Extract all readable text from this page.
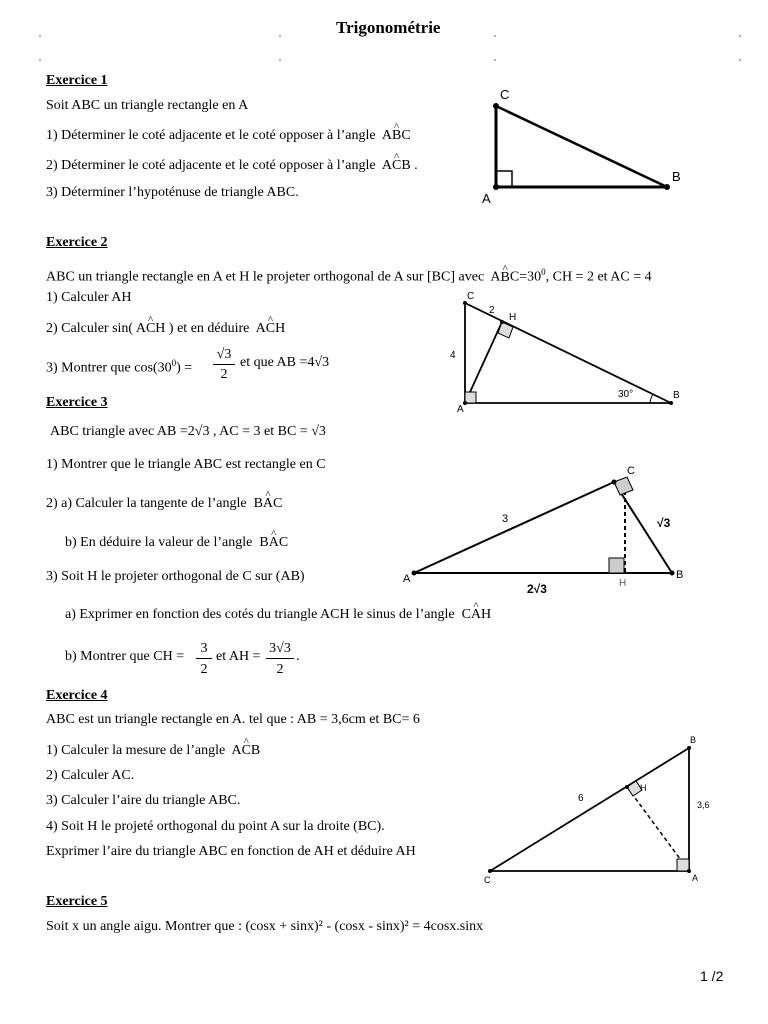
Trigonométrie
Exercice 1
Soit ABC un triangle rectangle en A
1) Déterminer le coté adjacente et le coté opposer à l’angle A^ BC
2) Déterminer le coté adjacente et le coté opposer à l’angle A^ CB .
3) Déterminer l’hypoténuse de triangle ABC.
C
A
B
Exercice 2
ABC un triangle rectangle en A et H le projeter orthogonal de A sur [BC] avec A^ $BC=30^0$, CH = 2 et AC = 4
1) Calculer AH
2) Calculer sin( A^ CH ) et en déduire A^ CH
3) Montrer que $\cos(30^0)$ =
√3
2
et que AB =4√3
C
H
2
4
A
B
30°
Exercice 3
ABC triangle avec AB =2√3 , AC = 3 et BC = √3
1) Montrer que le triangle ABC est rectangle en C
2) a) Calculer la tangente de l’angle B^ AC
b) En déduire la valeur de l’angle B^ AC
3) Soit H le projeter orthogonal de C sur (AB)
a) Exprimer en fonction des cotés du triangle ACH le sinus de l’angle C^ AH
b) Montrer que CH =
3
2
et AH =
3√3
2
.
C
A	B
H
3	√3
2√3
Exercice 4
ABC est un triangle rectangle en A. tel que : AB = 3,6cm et BC= 6
1) Calculer la mesure de l’angle A^ CB
2) Calculer AC.
3) Calculer l’aire du triangle ABC.
4) Soit H le projeté orthogonal du point A sur la droite (BC).
Exprimer l’aire du triangle ABC en fonction de AH et déduire AH
B
H
6
3,6
C	A
Exercice 5
Soit x un angle aigu. Montrer que : (cosx + sinx)² - (cosx - sinx)² = 4cosx.sinx
1 /2
